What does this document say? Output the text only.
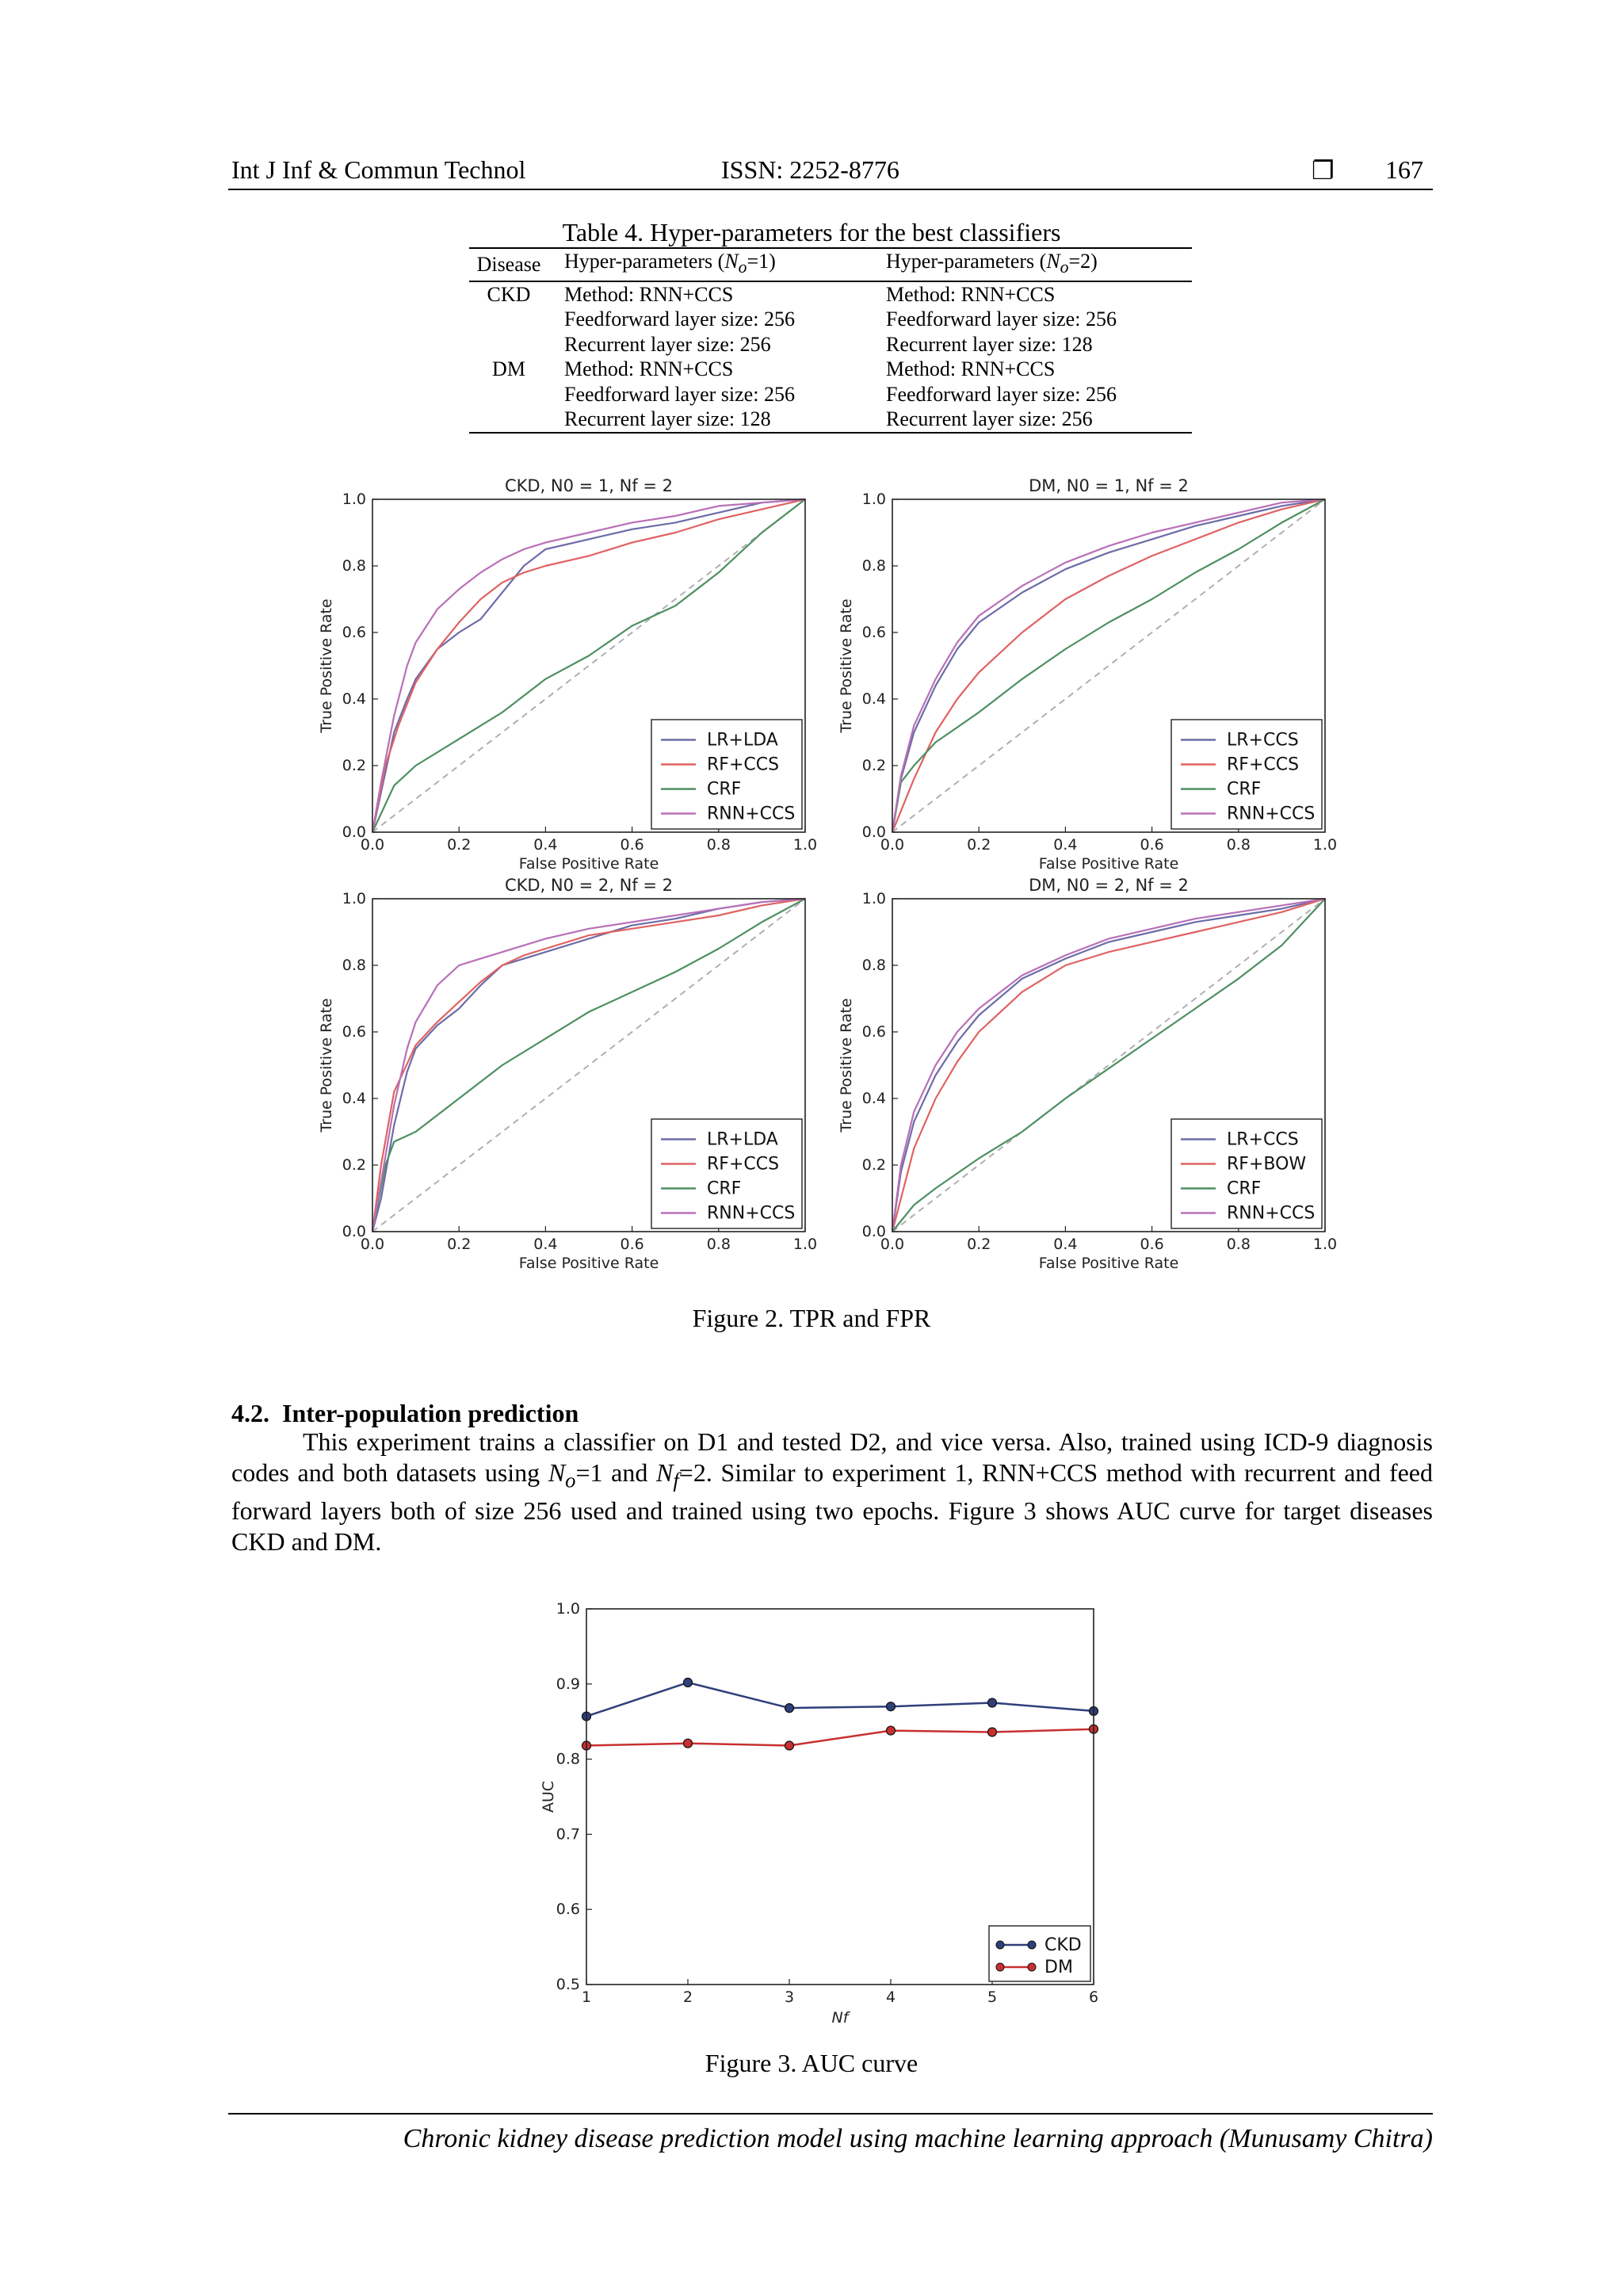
Int J Inf & Commun Technol	ISSN: 2252-8776	❐ 167
Table 4. Hyper-parameters for the best classifiers
Disease	Hyper-parameters $(N_o=1)$	Hyper-parameters $(N_o=2)$
CKD	Method: RNN+CCS	Method: RNN+CCS
	Feedforward layer size: 256	Feedforward layer size: 256
	Recurrent layer size: 256	Recurrent layer size: 128
DM	Method: RNN+CCS	Method: RNN+CCS
	Feedforward layer size: 256	Feedforward layer size: 256
	Recurrent layer size: 128	Recurrent layer size: 256
0.0	0.2	0.4	0.6	0.8	1.0
0.0
0.2
0.4
0.6
0.8
1.0
CKD, N0 = 1, Nf = 2
False Positive Rate
True Positive Rate
LR+LDA
RF+CCS
CRF
RNN+CCS
0.0	0.2	0.4	0.6	0.8	1.0
0.0
0.2
0.4
0.6
0.8
1.0
DM, N0 = 1, Nf = 2
False Positive Rate
True Positive Rate
LR+CCS
RF+CCS
CRF
RNN+CCS
0.0	0.2	0.4	0.6	0.8	1.0
0.0
0.2
0.4
0.6
0.8
1.0
CKD, N0 = 2, Nf = 2
False Positive Rate
True Positive Rate
LR+LDA
RF+CCS
CRF
RNN+CCS
0.0	0.2	0.4	0.6	0.8	1.0
0.0
0.2
0.4
0.6
0.8
1.0
DM, N0 = 2, Nf = 2
False Positive Rate
True Positive Rate
LR+CCS
RF+BOW
CRF
RNN+CCS
Figure 2. TPR and FPR
4.2. Inter-population prediction

This experiment trains a classifier on D1 and tested D2, and vice versa. Also, trained using ICD-9 diagnosis codes and both datasets using $N_o=1$ and $N_f=2$. Similar to experiment 1, RNN+CCS method with recurrent and feed forward layers both of size 256 used and trained using two epochs. Figure 3 shows AUC curve for target diseases CKD and DM.

1	2	3	4	5	6
0.5
0.6
0.7
0.8
0.9
1.0
Nf
AUC
CKD
DM
Figure 3. AUC curve
Chronic kidney disease prediction model using machine learning approach (Munusamy Chitra)
